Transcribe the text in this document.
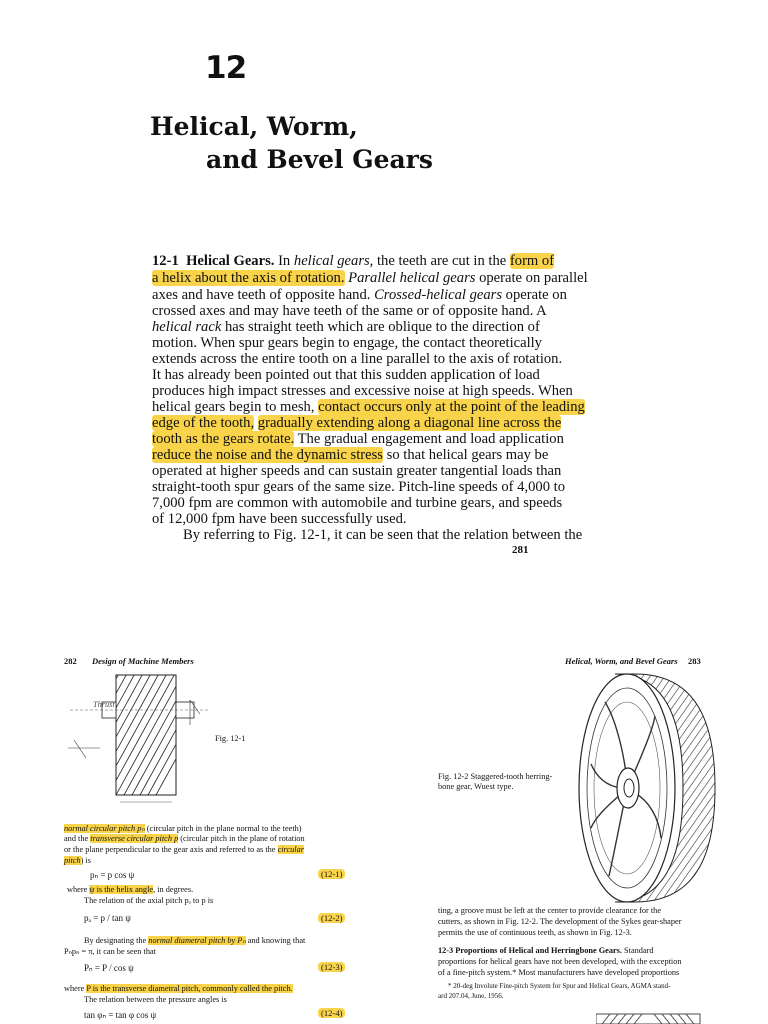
12
Helical, Worm,
and Bevel Gears
12-1 Helical Gears. In helical gears, the teeth are cut in the form of
a helix about the axis of rotation. Parallel helical gears operate on parallel
axes and have teeth of opposite hand. Crossed-helical gears operate on
crossed axes and may have teeth of the same or of opposite hand. A
helical rack has straight teeth which are oblique to the direction of
motion. When spur gears begin to engage, the contact theoretically
extends across the entire tooth on a line parallel to the axis of rotation.
It has already been pointed out that this sudden application of load
produces high impact stresses and excessive noise at high speeds. When
helical gears begin to mesh, contact occurs only at the point of the leading
edge of the tooth, gradually extending along a diagonal line across the
tooth as the gears rotate. The gradual engagement and load application
reduce the noise and the dynamic stress so that helical gears may be
operated at higher speeds and can sustain greater tangential loads than
straight-tooth spur gears of the same size. Pitch-line speeds of 4,000 to
7,000 fpm are common with automobile and turbine gears, and speeds
of 12,000 fpm have been successfully used.
By referring to Fig. 12-1, it can be seen that the relation between the
281
282 Design of Machine Members
Thrust
Fig. 12-1
normal circular pitch pₙ (circular pitch in the plane normal to the teeth)
and the transverse circular pitch p (circular pitch in the plane of rotation
or the plane perpendicular to the gear axis and referred to as the circular
pitch) is
pₙ = p cos ψ	(12-1)
where ψ is the helix angle, in degrees.
The relation of the axial pitch pₐ to p is
pₐ = p / tan ψ	(12-2)
By designating the normal diametral pitch by Pₙ and knowing that
Pₙpₙ = π, it can be seen that
Pₙ = P / cos ψ	(12-3)
where P is the transverse diametral pitch, commonly called the pitch.
The relation between the pressure angles is
tan φₙ = tan φ cos ψ	(12-4)
Helical, Worm, and Bevel Gears 283
Fig. 12-2 Staggered-tooth herring-
bone gear, Wuest type.
ting, a groove must be left at the center to provide clearance for the
cutters, as shown in Fig. 12-2. The development of the Sykes gear-shaper
permits the use of continuous teeth, as shown in Fig. 12-3.
12-3 Proportions of Helical and Herringbone Gears. Standard
proportions for helical gears have not been developed, with the exception
of a fine-pitch system.* Most manufacturers have developed proportions
* 20-deg Involute Fine-pitch System for Spur and Helical Gears, AGMA stand-
ard 207.04, June, 1956.
